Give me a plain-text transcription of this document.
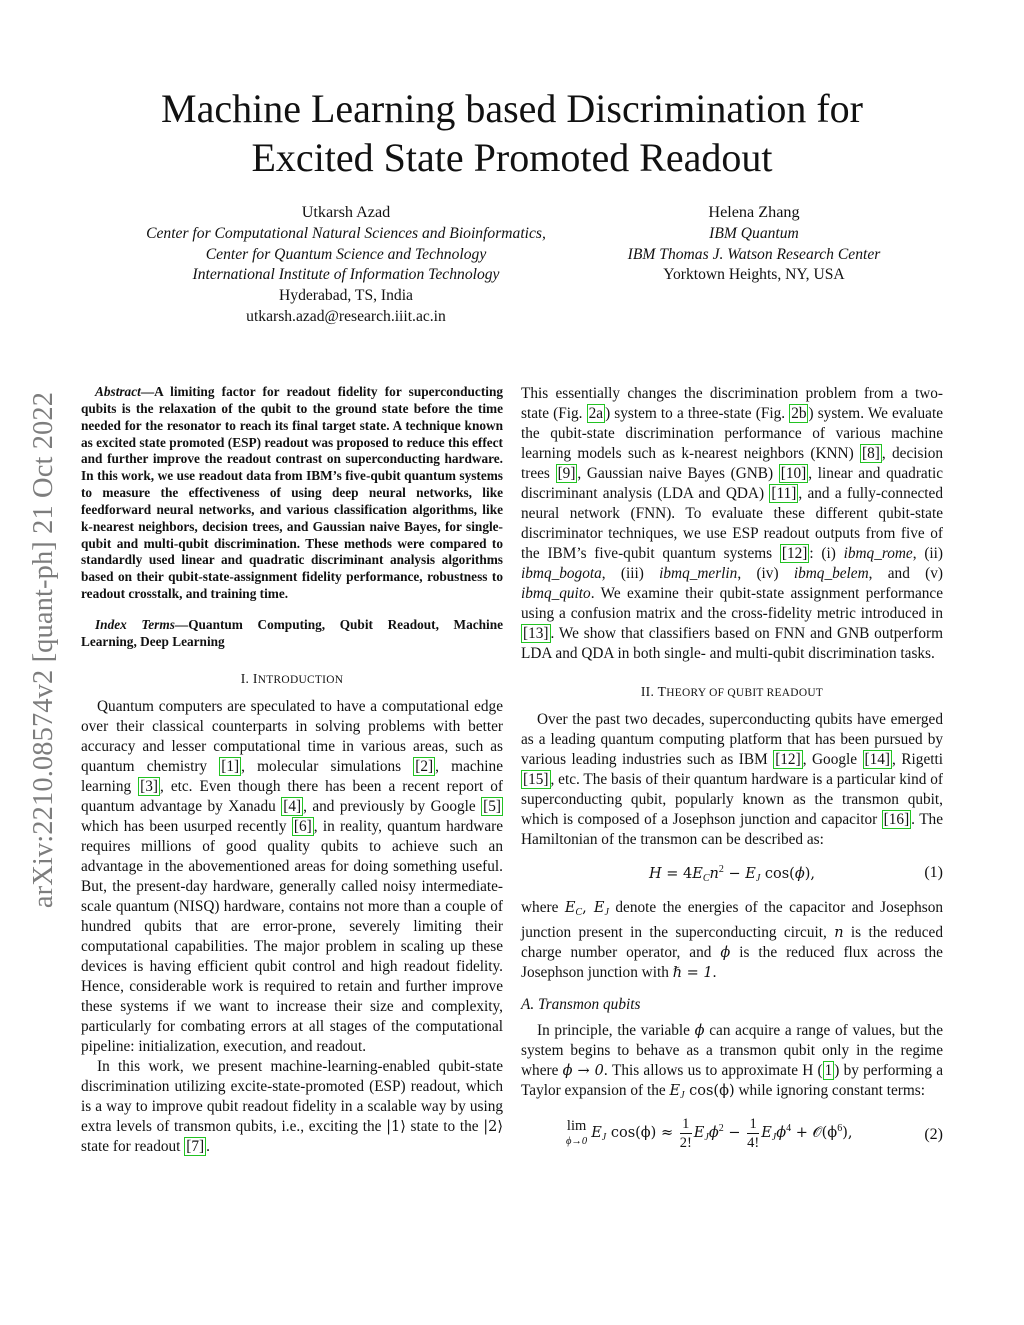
arXiv:2210.08574v2 [quant-ph] 21 Oct 2022
Machine Learning based Discrimination for
Excited State Promoted Readout
Utkarsh Azad
Center for Computational Natural Sciences and Bioinformatics,
Center for Quantum Science and Technology
International Institute of Information Technology
Hyderabad, TS, India
utkarsh.azad@research.iiit.ac.in
Helena Zhang
IBM Quantum
IBM Thomas J. Watson Research Center
Yorktown Heights, NY, USA

Abstract—A limiting factor for readout fidelity for superconducting qubits is the relaxation of the qubit to the ground state before the time needed for the resonator to reach its final target state. A technique known as excited state promoted (ESP) readout was proposed to reduce this effect and further improve the readout contrast on superconducting hardware. In this work, we use readout data from IBM’s five-qubit quantum systems to measure the effectiveness of using deep neural networks, like feedforward neural networks, and various classification algorithms, like k-nearest neighbors, decision trees, and Gaussian naive Bayes, for single-qubit and multi-qubit discrimination. These methods were compared to standardly used linear and quadratic discriminant analysis algorithms based on their qubit-state-assignment fidelity performance, robustness to readout crosstalk, and training time.

Index Terms—Quantum Computing, Qubit Readout, Machine Learning, Deep Learning

I. INTRODUCTION

Quantum computers are speculated to have a computational edge over their classical counterparts in solving problems with better accuracy and lesser computational time in various areas, such as quantum chemistry [1] , molecular simulations [2] , machine learning [3] , etc. Even though there has been a recent report of quantum advantage by Xanadu [4] , and previously by Google [5] which has been usurped recently [6] , in reality, quantum hardware requires millions of good quality qubits to achieve such an advantage in the abovementioned areas for doing something useful. But, the present-day hardware, generally called noisy intermediate-scale quantum (NISQ) hardware, contains not more than a couple of hundred qubits that are error-prone, severely limiting their computational capabilities. The major problem in scaling up these devices is having efficient qubit control and high readout fidelity. Hence, considerable work is required to retain and further improve these systems if we want to increase their size and complexity, particularly for combating errors at all stages of the computational pipeline: initialization, execution, and readout.

In this work, we present machine-learning-enabled qubit-state discrimination utilizing excite-state-promoted (ESP) readout, which is a way to improve qubit readout fidelity in a scalable way by using extra levels of transmon qubits, i.e., exciting the |1⟩ state to the |2⟩ state for readout [7] .

This essentially changes the discrimination problem from a two-state (Fig. 2a ) system to a three-state (Fig. 2b ) system. We evaluate the qubit-state discrimination performance of various machine learning models such as k-nearest neighbors (KNN) [8] , decision trees [9] , Gaussian naive Bayes (GNB) [10] , linear and quadratic discriminant analysis (LDA and QDA) [11] , and a fully-connected neural network (FNN). To evaluate these different qubit-state discriminator techniques, we use ESP readout outputs from five of the IBM’s five-qubit quantum systems [12] : (i) ibmq_rome, (ii) ibmq_bogota, (iii) ibmq_merlin, (iv) ibmq_belem, and (v) ibmq_quito. We examine their qubit-state assignment performance using a confusion matrix and the cross-fidelity metric introduced in [13] . We show that classifiers based on FNN and GNB outperform LDA and QDA in both single- and multi-qubit discrimination tasks.

II. THEORY OF QUBIT READOUT

Over the past two decades, superconducting qubits have emerged as a leading quantum computing platform that has been pursued by various leading industries such as IBM [12] , Google [14] , Rigetti [15] , etc. The basis of their quantum hardware is a particular kind of superconducting qubit, popularly known as the transmon qubit, which is composed of a Josephson junction and capacitor [16] . The Hamiltonian of the transmon can be described as:

$H = 4E_Cn^2 - E_J$ cos(ϕ),	(1)

where $E_C$, $E_J$ denote the energies of the capacitor and Josephson junction present in the superconducting circuit, n is the reduced charge number operator, and ϕ is the reduced flux across the Josephson junction with ℏ = 1.

A. Transmon qubits

In principle, the variable ϕ can acquire a range of values, but the system begins to behave as a transmon qubit only in the regime where ϕ → 0. This allows us to approximate H ( 1 ) by performing a Taylor expansion of the $E_J$ cos(ϕ) while ignoring constant terms:

lim
ϕ→0 $E_J$ $\cos(\phi) \approx \frac{1}{2!} E_J\phi^2 - \frac{1}{4!} E_J\phi^4$ + $𝒪(\phi^6)$,	(2)
